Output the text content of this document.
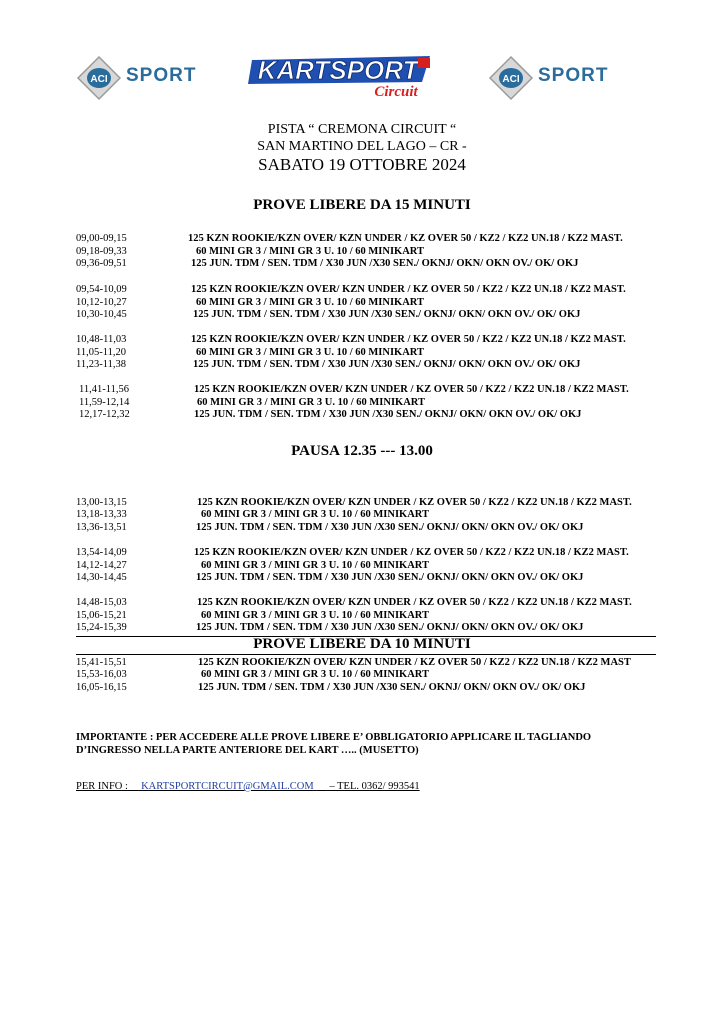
ACI SPORT KARTSPORT
Circuit
ACI SPORT
PISTA “ CREMONA CIRCUIT “
SAN MARTINO DEL LAGO – CR -
SABATO 19 OTTOBRE 2024
PROVE LIBERE DA 15 MINUTI
09,00-09,15	125 KZN ROOKIE/KZN OVER/ KZN UNDER / KZ OVER 50 / KZ2 / KZ2 UN.18 / KZ2 MAST.
09,18-09,33	60 MINI GR 3 / MINI GR 3 U. 10 / 60 MINIKART
09,36-09,51	125 JUN. TDM / SEN. TDM / X30 JUN /X30 SEN./ OKNJ/ OKN/ OKN OV./ OK/ OKJ
09,54-10,09	125 KZN ROOKIE/KZN OVER/ KZN UNDER / KZ OVER 50 / KZ2 / KZ2 UN.18 / KZ2 MAST.
10,12-10,27	60 MINI GR 3 / MINI GR 3 U. 10 / 60 MINIKART
10,30-10,45	125 JUN. TDM / SEN. TDM / X30 JUN /X30 SEN./ OKNJ/ OKN/ OKN OV./ OK/ OKJ
10,48-11,03	125 KZN ROOKIE/KZN OVER/ KZN UNDER / KZ OVER 50 / KZ2 / KZ2 UN.18 / KZ2 MAST.
11,05-11,20	60 MINI GR 3 / MINI GR 3 U. 10 / 60 MINIKART
11,23-11,38	125 JUN. TDM / SEN. TDM / X30 JUN /X30 SEN./ OKNJ/ OKN/ OKN OV./ OK/ OKJ
11,41-11,56	125 KZN ROOKIE/KZN OVER/ KZN UNDER / KZ OVER 50 / KZ2 / KZ2 UN.18 / KZ2 MAST.
11,59-12,14	60 MINI GR 3 / MINI GR 3 U. 10 / 60 MINIKART
12,17-12,32	125 JUN. TDM / SEN. TDM / X30 JUN /X30 SEN./ OKNJ/ OKN/ OKN OV./ OK/ OKJ
PAUSA 12.35 --- 13.00
13,00-13,15	125 KZN ROOKIE/KZN OVER/ KZN UNDER / KZ OVER 50 / KZ2 / KZ2 UN.18 / KZ2 MAST.
13,18-13,33	60 MINI GR 3 / MINI GR 3 U. 10 / 60 MINIKART
13,36-13,51	125 JUN. TDM / SEN. TDM / X30 JUN /X30 SEN./ OKNJ/ OKN/ OKN OV./ OK/ OKJ
13,54-14,09	125 KZN ROOKIE/KZN OVER/ KZN UNDER / KZ OVER 50 / KZ2 / KZ2 UN.18 / KZ2 MAST.
14,12-14,27	60 MINI GR 3 / MINI GR 3 U. 10 / 60 MINIKART
14,30-14,45	125 JUN. TDM / SEN. TDM / X30 JUN /X30 SEN./ OKNJ/ OKN/ OKN OV./ OK/ OKJ
14,48-15,03	125 KZN ROOKIE/KZN OVER/ KZN UNDER / KZ OVER 50 / KZ2 / KZ2 UN.18 / KZ2 MAST.
15,06-15,21	60 MINI GR 3 / MINI GR 3 U. 10 / 60 MINIKART
15,24-15,39	125 JUN. TDM / SEN. TDM / X30 JUN /X30 SEN./ OKNJ/ OKN/ OKN OV./ OK/ OKJ
PROVE LIBERE DA 10 MINUTI
15,41-15,51	125 KZN ROOKIE/KZN OVER/ KZN UNDER / KZ OVER 50 / KZ2 / KZ2 UN.18 / KZ2 MAST
15,53-16,03	60 MINI GR 3 / MINI GR 3 U. 10 / 60 MINIKART
16,05-16,15	125 JUN. TDM / SEN. TDM / X30 JUN /X30 SEN./ OKNJ/ OKN/ OKN OV./ OK/ OKJ
IMPORTANTE : PER ACCEDERE ALLE PROVE LIBERE E’ OBBLIGATORIO APPLICARE IL TAGLIANDO
D’INGRESSO NELLA PARTE ANTERIORE DEL KART ….. (MUSETTO)
PER INFO : KARTSPORTCIRCUIT@GMAIL.COM – TEL. 0362/ 993541
